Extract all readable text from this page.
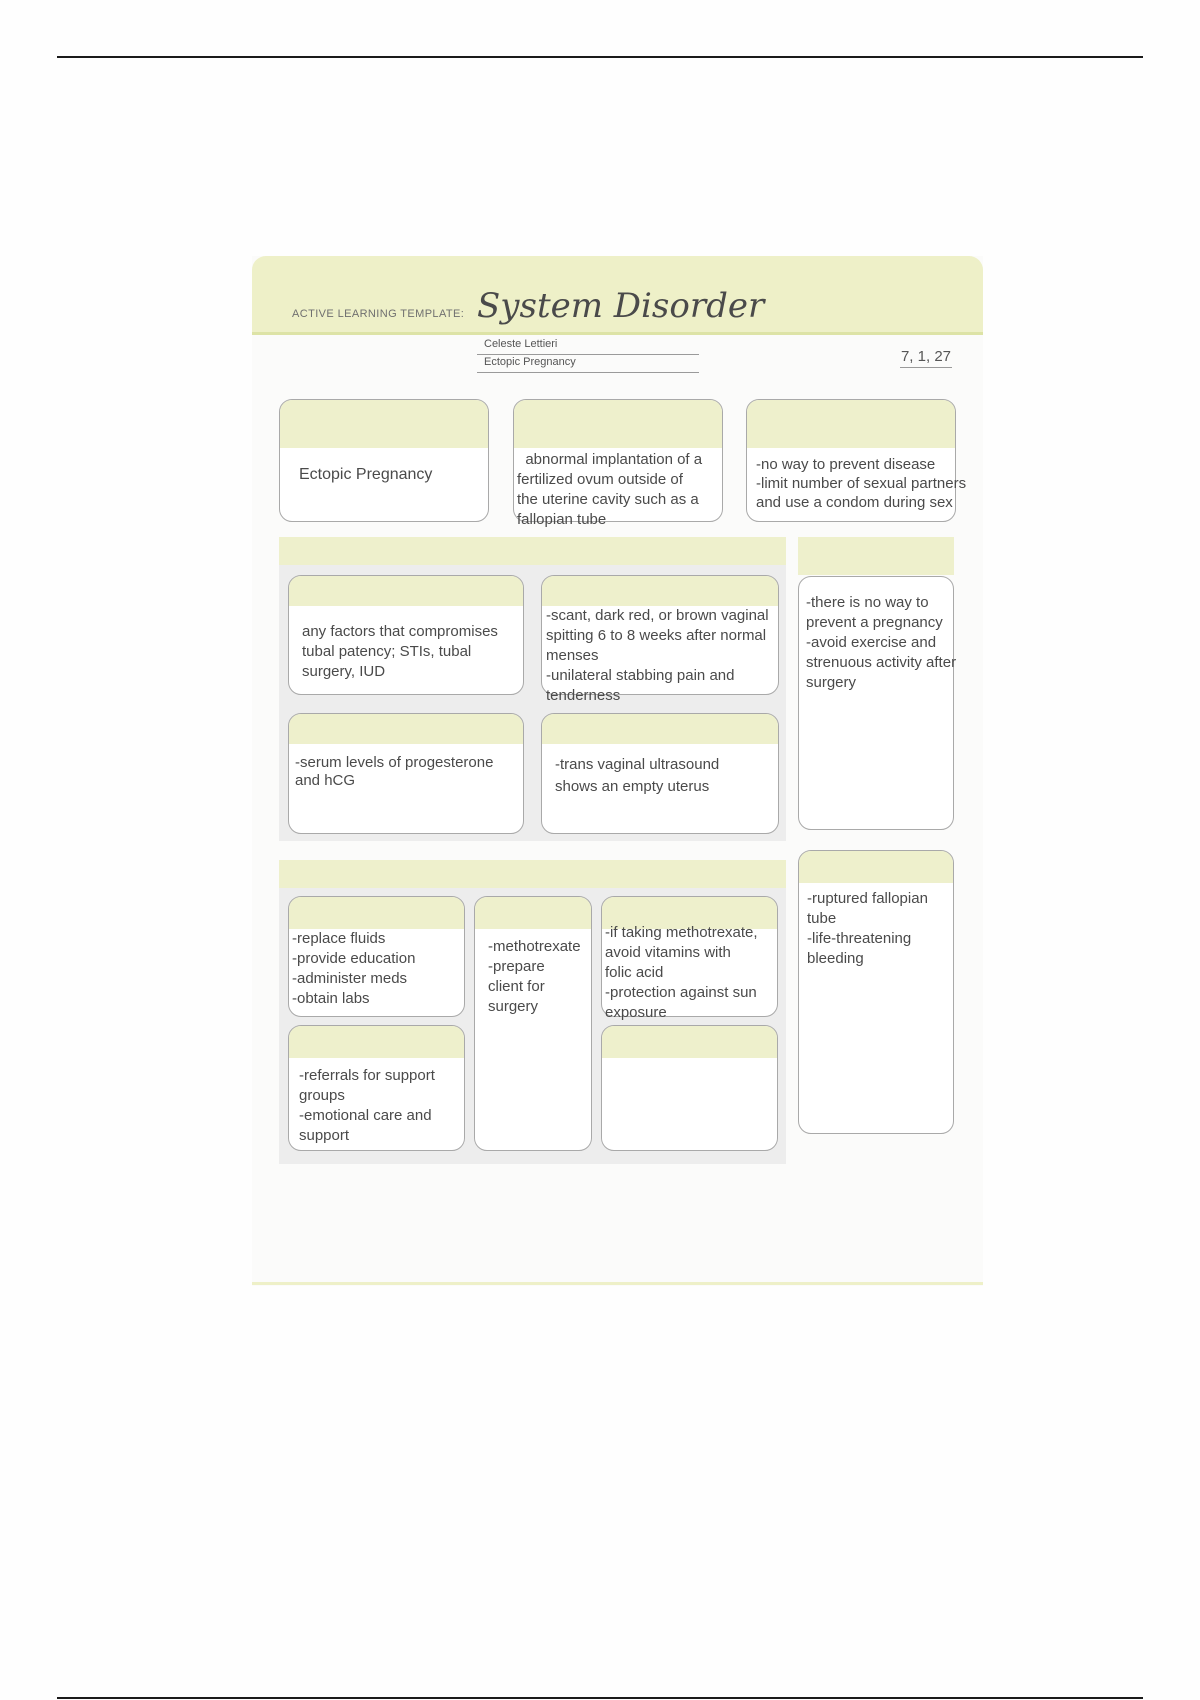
ACTIVE LEARNING TEMPLATE: System Disorder
Celeste Lettieri
Ectopic Pregnancy	7, 1, 27
Ectopic Pregnancy
abnormal implantation of a
fertilized ovum outside of
the uterine cavity such as a
fallopian tube
-no way to prevent disease
-limit number of sexual partners
and use a condom during sex
any factors that compromises
tubal patency; STIs, tubal
surgery, IUD
-scant, dark red, or brown vaginal
spitting 6 to 8 weeks after normal
menses
-unilateral stabbing pain and
tenderness
-serum levels of progesterone
and hCG
-trans vaginal ultrasound
shows an empty uterus
-there is no way to
prevent a pregnancy
-avoid exercise and
strenuous activity after
surgery
-replace fluids
-provide education
-administer meds
-obtain labs
-methotrexate
-prepare
client for
surgery
-if taking methotrexate,
avoid vitamins with
folic acid
-protection against sun
exposure
-referrals for support
groups
-emotional care and
support
-ruptured fallopian
tube
-life-threatening
bleeding
